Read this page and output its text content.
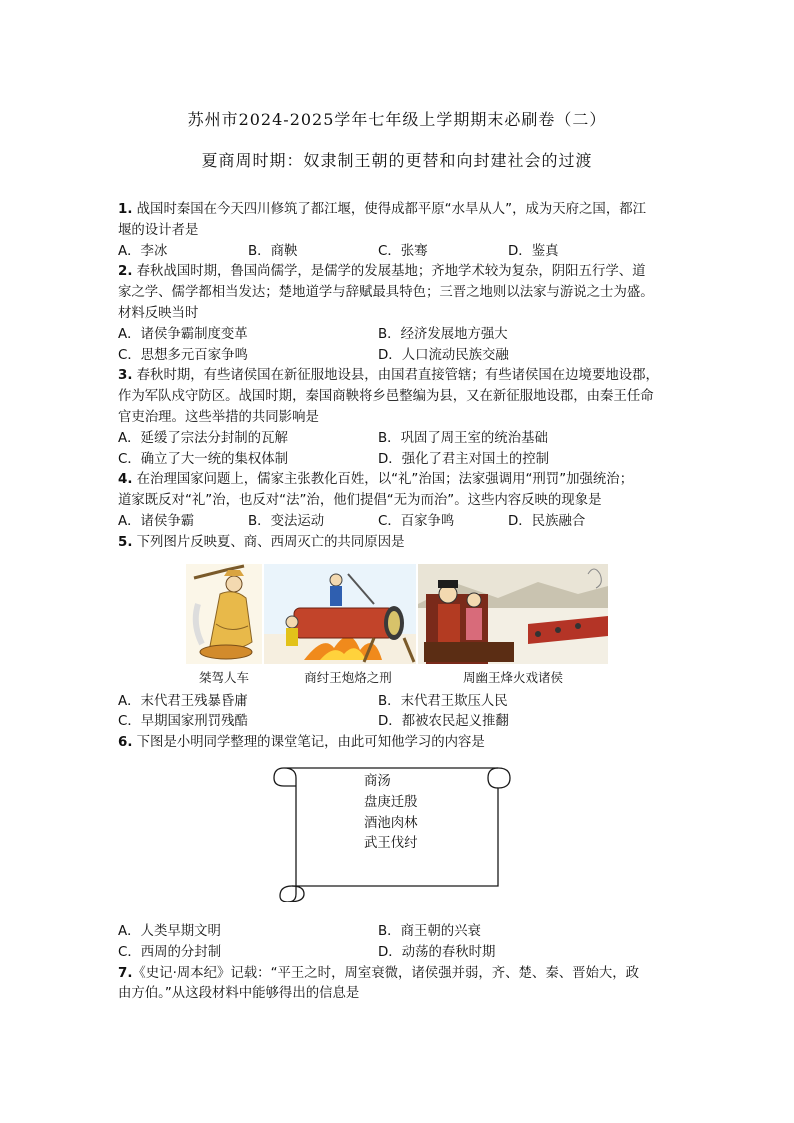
苏州市2024-2025学年七年级上学期期末必刷卷（二）
夏商周时期：奴隶制王朝的更替和向封建社会的过渡

1. 战国时秦国在今天四川修筑了都江堰，使得成都平原“水旱从人”，成为天府之国，都江

堰的设计者是

A．李冰	B．商鞅	C．张骞	D．鉴真

2. 春秋战国时期，鲁国尚儒学，是儒学的发展基地；齐地学术较为复杂，阴阳五行学、道

家之学、儒学都相当发达；楚地道学与辞赋最具特色；三晋之地则以法家与游说之士为盛。

材料反映当时

A．诸侯争霸制度变革	B．经济发展地方强大
C．思想多元百家争鸣	D．人口流动民族交融

3. 春秋时期，有些诸侯国在新征服地设县，由国君直接管辖；有些诸侯国在边境要地设郡，

作为军队戍守防区。战国时期，秦国商鞅将乡邑整编为县，又在新征服地设郡，由秦王任命

官吏治理。这些举措的共同影响是

A．延缓了宗法分封制的瓦解	B．巩固了周王室的统治基础
C．确立了大一统的集权体制	D．强化了君主对国土的控制

4. 在治理国家问题上，儒家主张教化百姓，以“礼”治国；法家强调用“刑罚”加强统治；

道家既反对“礼”治，也反对“法”治，他们提倡“无为而治”。这些内容反映的现象是

A．诸侯争霸	B．变法运动	C．百家争鸣	D．民族融合

5. 下列图片反映夏、商、西周灭亡的共同原因是

桀驾人车	商纣王炮烙之刑	周幽王烽火戏诸侯
A．末代君王残暴昏庸	B．末代君王欺压人民
C．早期国家刑罚残酷	D．都被农民起义推翻

6. 下图是小明同学整理的课堂笔记，由此可知他学习的内容是

商汤
盘庚迁殷
酒池肉林
武王伐纣
A．人类早期文明	B．商王朝的兴衰
C．西周的分封制	D．动荡的春秋时期

7.《史记·周本纪》记载：“平王之时，周室衰微，诸侯强并弱，齐、楚、秦、晋始大，政

由方伯。”从这段材料中能够得出的信息是
